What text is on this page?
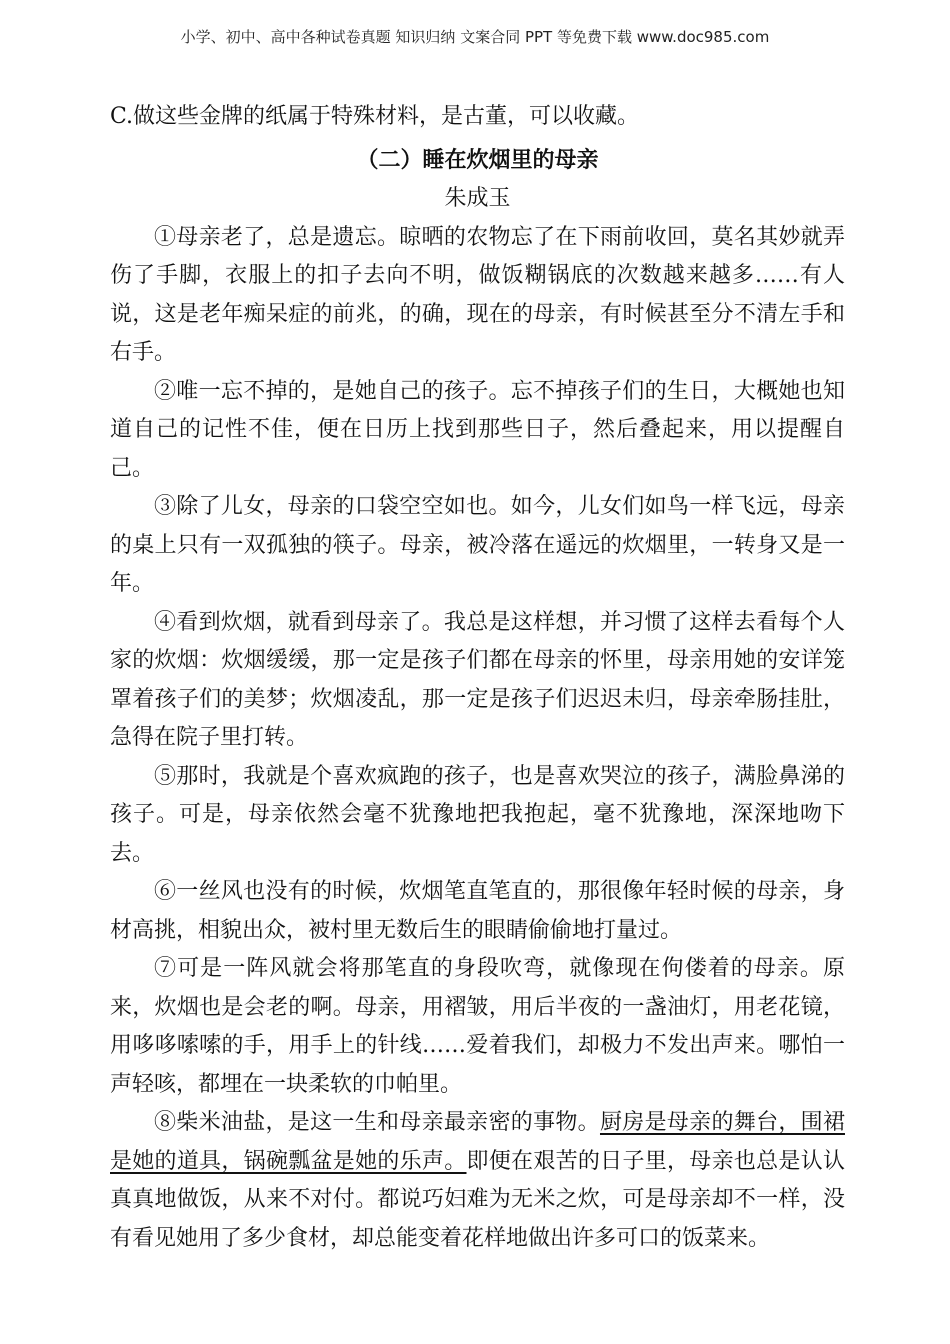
小学、初中、高中各种试卷真题 知识归纳 文案合同 PPT 等免费下载 www.doc985.com
C.做这些金牌的纸属于特殊材料，是古董，可以收藏。
（二）睡在炊烟里的母亲
朱成玉
①母亲老了，总是遗忘。晾晒的农物忘了在下雨前收回，莫名其妙就弄伤了手脚，衣服上的扣子去向不明，做饭糊锅底的次数越来越多……有人说，这是老年痴呆症的前兆，的确，现在的母亲，有时候甚至分不清左手和右手。
②唯一忘不掉的，是她自己的孩子。忘不掉孩子们的生日，大概她也知道自己的记性不佳，便在日历上找到那些日子，然后叠起来，用以提醒自己。
③除了儿女，母亲的口袋空空如也。如今，儿女们如鸟一样飞远，母亲的桌上只有一双孤独的筷子。母亲，被冷落在遥远的炊烟里，一转身又是一年。
④看到炊烟，就看到母亲了。我总是这样想，并习惯了这样去看每个人家的炊烟：炊烟缓缓，那一定是孩子们都在母亲的怀里，母亲用她的安详笼罩着孩子们的美梦；炊烟凌乱，那一定是孩子们迟迟未归，母亲牵肠挂肚，急得在院子里打转。
⑤那时，我就是个喜欢疯跑的孩子，也是喜欢哭泣的孩子，满脸鼻涕的孩子。可是，母亲依然会毫不犹豫地把我抱起，毫不犹豫地，深深地吻下去。
⑥一丝风也没有的时候，炊烟笔直笔直的，那很像年轻时候的母亲，身材高挑，相貌出众，被村里无数后生的眼睛偷偷地打量过。
⑦可是一阵风就会将那笔直的身段吹弯，就像现在佝偻着的母亲。原来，炊烟也是会老的啊。母亲，用褶皱，用后半夜的一盏油灯，用老花镜，用哆哆嗦嗦的手，用手上的针线……爱着我们，却极力不发出声来。哪怕一声轻咳，都埋在一块柔软的巾帕里。
⑧柴米油盐，是这一生和母亲最亲密的事物。厨房是母亲的舞台，围裙是她的道具，锅碗瓢盆是她的乐声。即便在艰苦的日子里，母亲也总是认认真真地做饭，从来不对付。都说巧妇难为无米之炊，可是母亲却不一样，没有看见她用了多少食材，却总能变着花样地做出许多可口的饭菜来。
